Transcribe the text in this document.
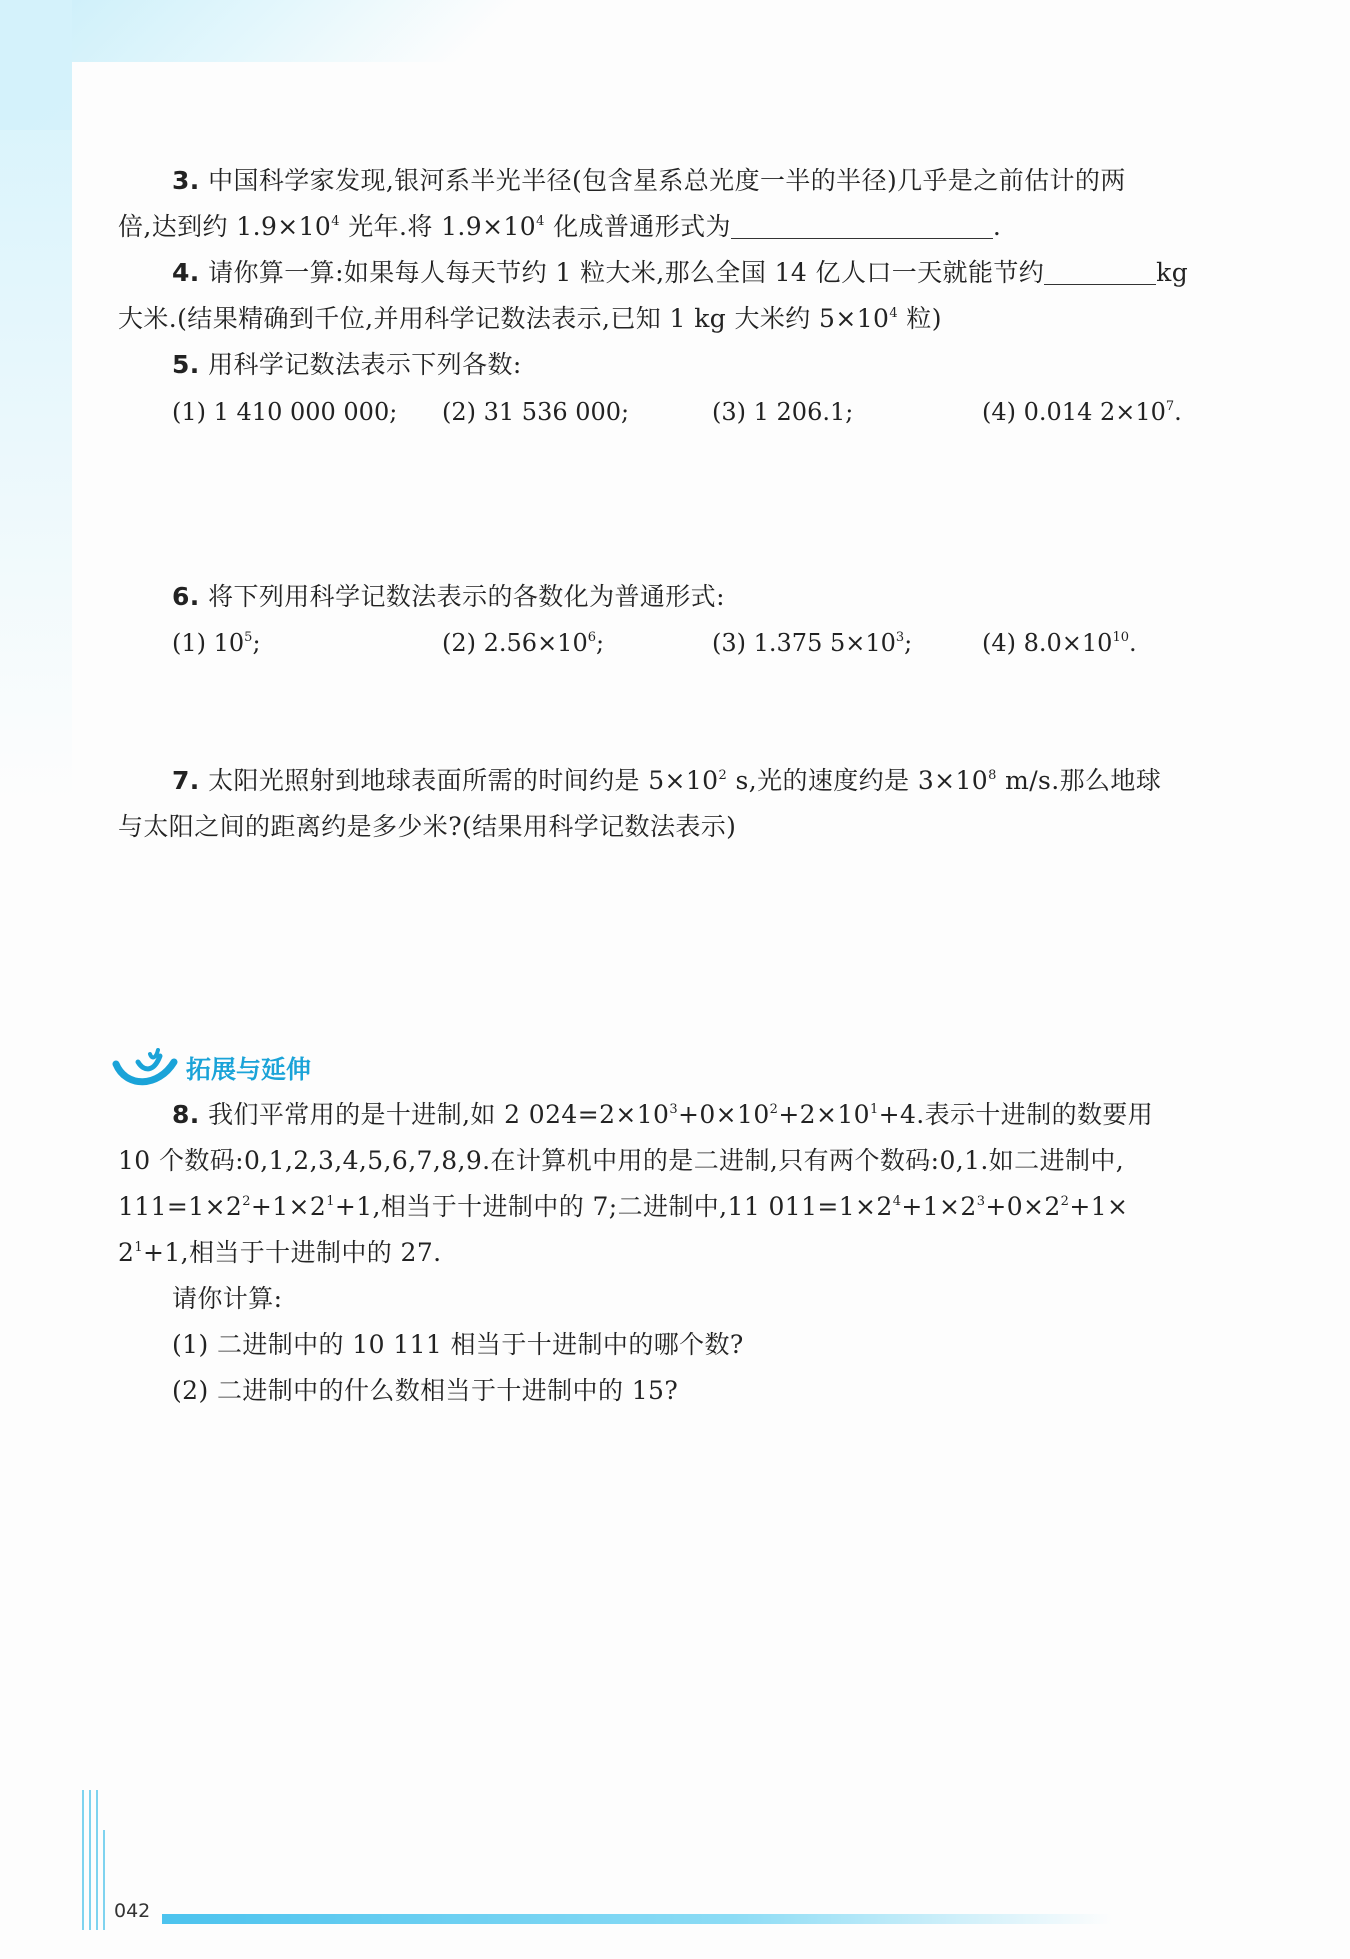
3. 中国科学家发现,银河系半光半径(包含星系总光度一半的半径)几乎是之前估计的两
倍,达到约 $1.9\times 10^4$ 光年.将 $1.9\times 10^4$ 化成普通形式为	.
4. 请你算一算:如果每人每天节约 1 粒大米,那么全国 14 亿人口一天就能节约	kg
大米.(结果精确到千位,并用科学记数法表示,已知 1 kg 大米约 $5\times 10^4$ 粒)
5. 用科学记数法表示下列各数:
(1) 1 410 000 000; (2) 31 536 000;	(3) 1 206.1;	(4) 0.014 $2\times 10^7$.
6. 将下列用科学记数法表示的各数化为普通形式:
(1) $10^5$;	(2) $2.56\times 10^6$;	(3) 1.375 $5\times 10^3$;	(4) $8.0\times 10^{10}$.
7. 太阳光照射到地球表面所需的时间约是 $5\times 10^2$ s,光的速度约是 $3\times 10^8$ m/s.那么地球
与太阳之间的距离约是多少米?(结果用科学记数法表示)
拓展与延伸
8. 我们平常用的是十进制,如 2 $024=2\times 10^3+0\times 10^2+2\times 10^1+4$.表示十进制的数要用
10 个数码:0,1,2,3,4,5,6,7,8,9.在计算机中用的是二进制,只有两个数码:0,1.如二进制中,
$111=1\times 2^2+1\times 2^1+1$,相当于十进制中的 7;二进制中,11 $011=1\times 2^4+1\times 2^3+0\times 2^2+1\times$
$2^1+1$,相当于十进制中的 27.
请你计算:
(1) 二进制中的 10 111 相当于十进制中的哪个数?
(2) 二进制中的什么数相当于十进制中的 15?
042
